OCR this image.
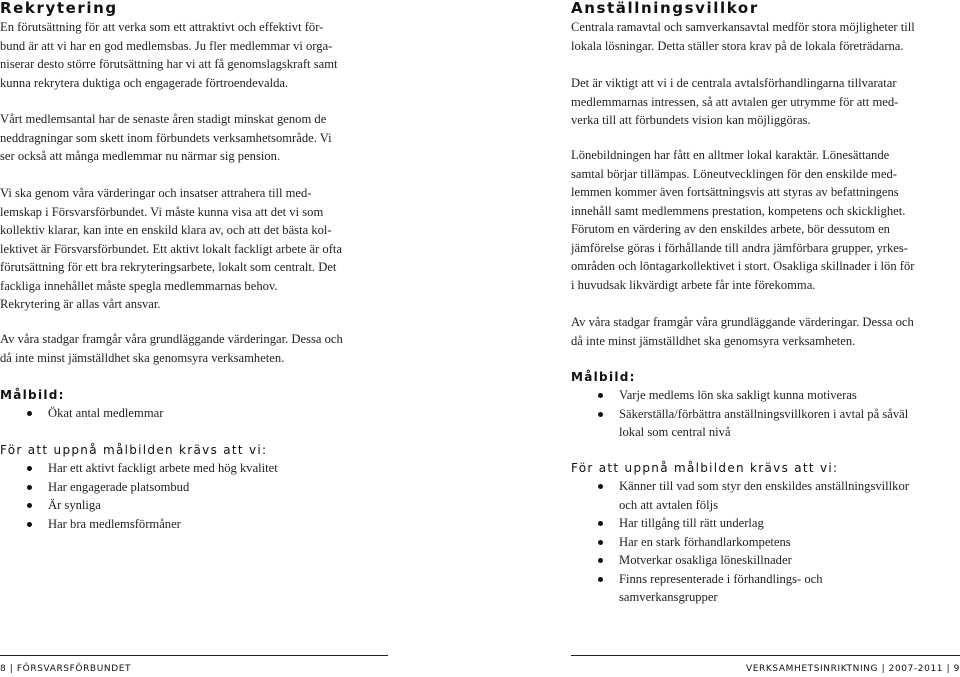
Rekrytering

En förutsättning för att verka som ett attraktivt och effektivt för-
bund är att vi har en god medlemsbas. Ju fler medlemmar vi orga-
niserar desto större förutsättning har vi att få genomslagskraft samt
kunna rekrytera duktiga och engagerade förtroendevalda.

Vårt medlemsantal har de senaste åren stadigt minskat genom de
neddragningar som skett inom förbundets verksamhetsområde. Vi
ser också att många medlemmar nu närmar sig pension.

Vi ska genom våra värderingar och insatser attrahera till med-
lemskap i Försvarsförbundet. Vi måste kunna visa att det vi som
kollektiv klarar, kan inte en enskild klara av, och att det bästa kol-
lektivet är Försvarsförbundet. Ett aktivt lokalt fackligt arbete är ofta
förutsättning för ett bra rekryteringsarbete, lokalt som centralt. Det
fackliga innehållet måste spegla medlemmarnas behov.
Rekrytering är allas vårt ansvar.

Av våra stadgar framgår våra grundläggande värderingar. Dessa och
då inte minst jämställdhet ska genomsyra verksamheten.

Målbild:
Ökat antal medlemmar
För att uppnå målbilden krävs att vi:
Har ett aktivt fackligt arbete med hög kvalitet
Har engagerade platsombud
Är synliga
Har bra medlemsförmåner
Anställningsvillkor

Centrala ramavtal och samverkansavtal medför stora möjligheter till
lokala lösningar. Detta ställer stora krav på de lokala företrädarna.

Det är viktigt att vi i de centrala avtalsförhandlingarna tillvaratar
medlemmarnas intressen, så att avtalen ger utrymme för att med-
verka till att förbundets vision kan möjliggöras.

Lönebildningen har fått en alltmer lokal karaktär. Lönesättande
samtal börjar tillämpas. Löneutvecklingen för den enskilde med-
lemmen kommer även fortsättningsvis att styras av befattningens
innehåll samt medlemmens prestation, kompetens och skicklighet.
Förutom en värdering av den enskildes arbete, bör dessutom en
jämförelse göras i förhållande till andra jämförbara grupper, yrkes-
områden och löntagarkollektivet i stort. Osakliga skillnader i lön för
i huvudsak likvärdigt arbete får inte förekomma.

Av våra stadgar framgår våra grundläggande värderingar. Dessa och
då inte minst jämställdhet ska genomsyra verksamheten.

Målbild:
Varje medlems lön ska sakligt kunna motiveras
Säkerställa/förbättra anställningsvillkoren i avtal på såväl
lokal som central nivå
För att uppnå målbilden krävs att vi:
Känner till vad som styr den enskildes anställningsvillkor
och att avtalen följs
Har tillgång till rätt underlag
Har en stark förhandlarkompetens
Motverkar osakliga löneskillnader
Finns representerade i förhandlings- och
samverkansgrupper
8 | FÖRSVARSFÖRBUNDET	VERKSAMHETSINRIKTNING | 2007-2011 | 9
